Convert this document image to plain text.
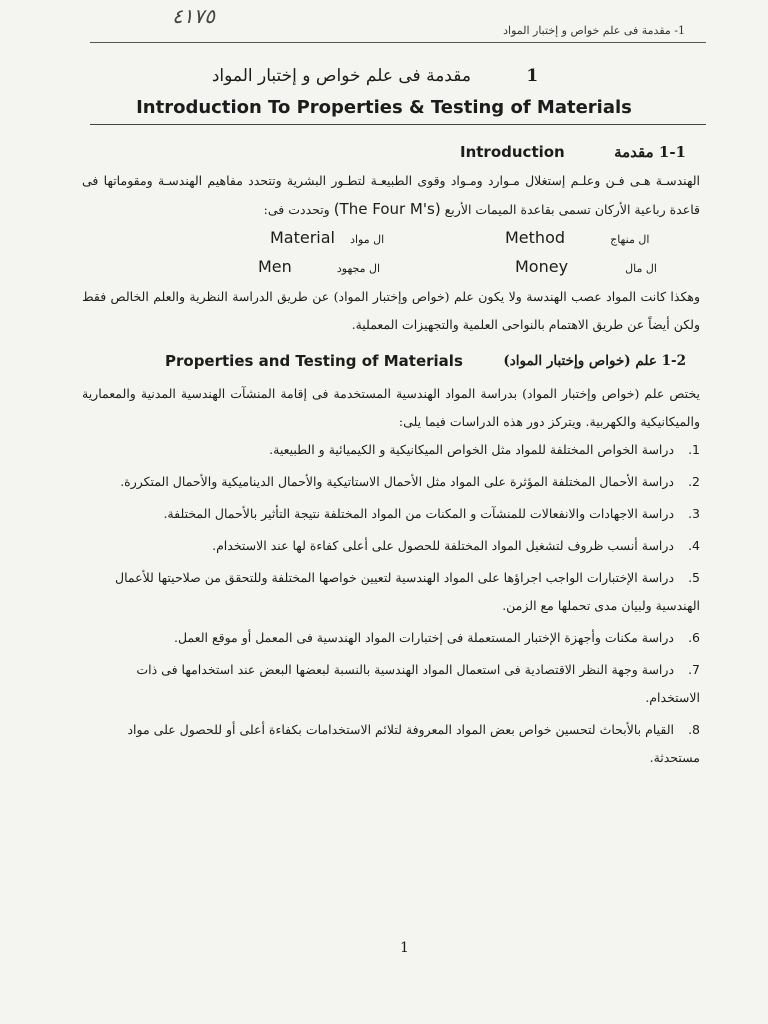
٤١٧٥
1- مقدمة فى علم خواص و إختبار المواد
1 مقدمة فى علم خواص و إختبار المواد
Introduction To Properties & Testing of Materials
Introduction	1-1 مقدمة
الهندسـة هـى فـن وعلـم إستغلال مـوارد ومـواد وقوى الطبيعـة لتطـور البشرية وتتحدد مفاهيم الهندسـة ومقوماتها فى قاعدة رباعية الأركان تسمى بقاعدة الميمات الأربع (The Four M's) وتحددت فى:
Material ال مواد	Method	ال منهاج
Men	ال مجهود	Money	ال مال
وهكذا كانت المواد عصب الهندسة ولا يكون علم (خواص وإختبار المواد) عن طريق الدراسة النظرية والعلم الخالص فقط ولكن أيضاً عن طريق الاهتمام بالنواحى العلمية والتجهيزات المعملية.
Properties and Testing of Materials	1-2 علم (خواص وإختبار المواد)
يختص علم (خواص وإختبار المواد) بدراسة المواد الهندسية المستخدمة فى إقامة المنشآت الهندسية المدنية والمعمارية والميكانيكية والكهربية. ويتركز دور هذه الدراسات فيما يلى:
1. دراسة الخواص المختلفة للمواد مثل الخواص الميكانيكية و الكيميائية و الطبيعية.
2. دراسة الأحمال المختلفة المؤثرة على المواد مثل الأحمال الاستاتيكية والأحمال الديناميكية والأحمال المتكررة.
3. دراسة الاجهادات والانفعالات للمنشآت و المكنات من المواد المختلفة نتيجة التأثير بالأحمال المختلفة.
4. دراسة أنسب ظروف لتشغيل المواد المختلفة للحصول على أعلى كفاءة لها عند الاستخدام.
5. دراسة الإختبارات الواجب اجراؤها على المواد الهندسية لتعيين خواصها المختلفة وللتحقق من صلاحيتها للأعمال الهندسية ولبيان مدى تحملها مع الزمن.
6. دراسة مكنات وأجهزة الإختبار المستعملة فى إختبارات المواد الهندسية فى المعمل أو موقع العمل.
7. دراسة وجهة النظر الاقتصادية فى استعمال المواد الهندسية بالنسبة لبعضها البعض عند استخدامها فى ذات الاستخدام.
8. القيام بالأبحاث لتحسين خواص بعض المواد المعروفة لتلائم الاستخدامات بكفاءة أعلى أو للحصول على مواد مستحدثة.
1
